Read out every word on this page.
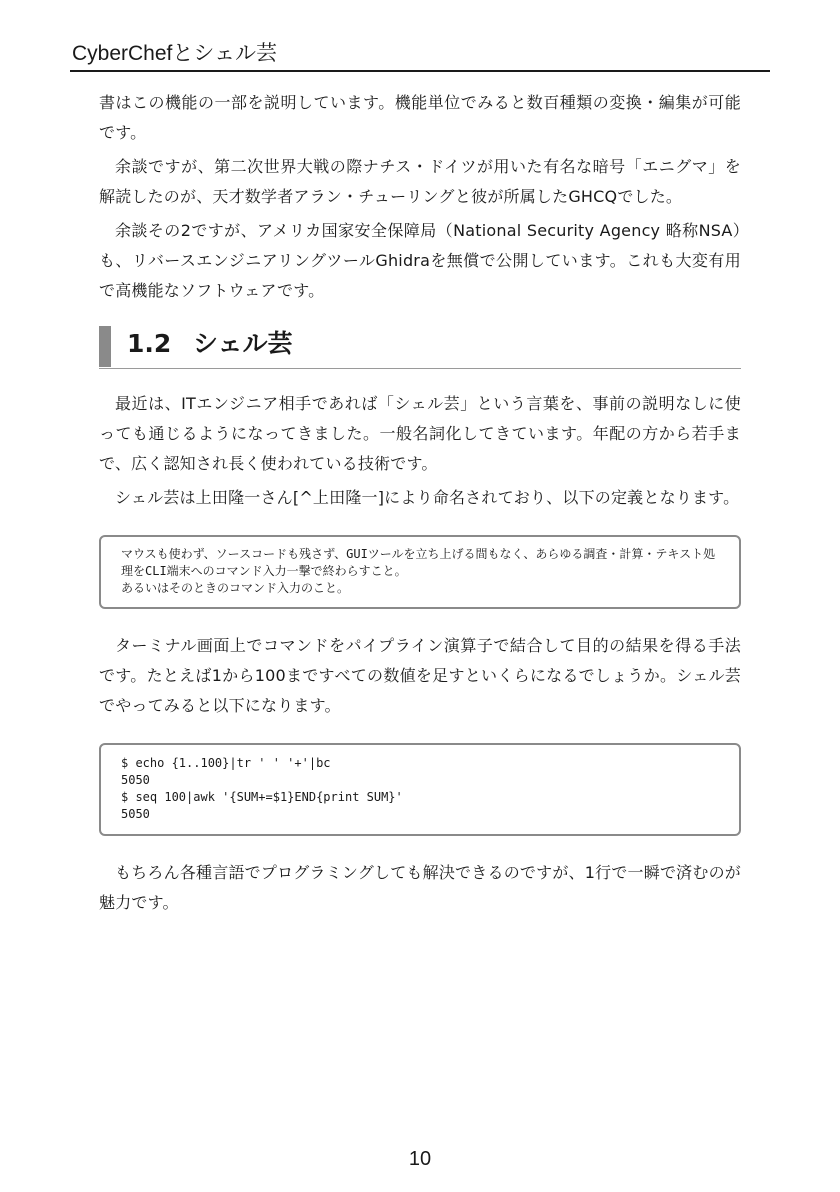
CyberChefとシェル芸

書はこの機能の一部を説明しています。機能単位でみると数百種類の変換・編集が可能です。

余談ですが、第二次世界大戦の際ナチス・ドイツが用いた有名な暗号「エニグマ」を解読したのが、天才数学者アラン・チューリングと彼が所属したGHCQでした。

余談その2ですが、アメリカ国家安全保障局（National Security Agency 略称NSA）も、リバースエンジニアリングツールGhidraを無償で公開しています。これも大変有用で高機能なソフトウェアです。

1.2 シェル芸

最近は、ITエンジニア相手であれば「シェル芸」という言葉を、事前の説明なしに使っても通じるようになってきました。一般名詞化してきています。年配の方から若手まで、広く認知され長く使われている技術です。

シェル芸は上田隆一さん[^上田隆一]により命名されており、以下の定義となります。

マウスも使わず、ソースコードも残さず、GUIツールを立ち上げる間もなく、あらゆる調査・計算・テキスト処理をCLI端末へのコマンド入力一撃で終わらすこと。
あるいはそのときのコマンド入力のこと。

ターミナル画面上でコマンドをパイプライン演算子で結合して目的の結果を得る手法です。たとえば1から100まですべての数値を足すといくらになるでしょうか。シェル芸でやってみると以下になります。

$ echo {1..100}|tr ' ' '+'|bc
5050
$ seq 100|awk '{SUM+=$1}END{print SUM}'
5050

もちろん各種言語でプログラミングしても解決できるのですが、1行で一瞬で済むのが魅力です。

10
